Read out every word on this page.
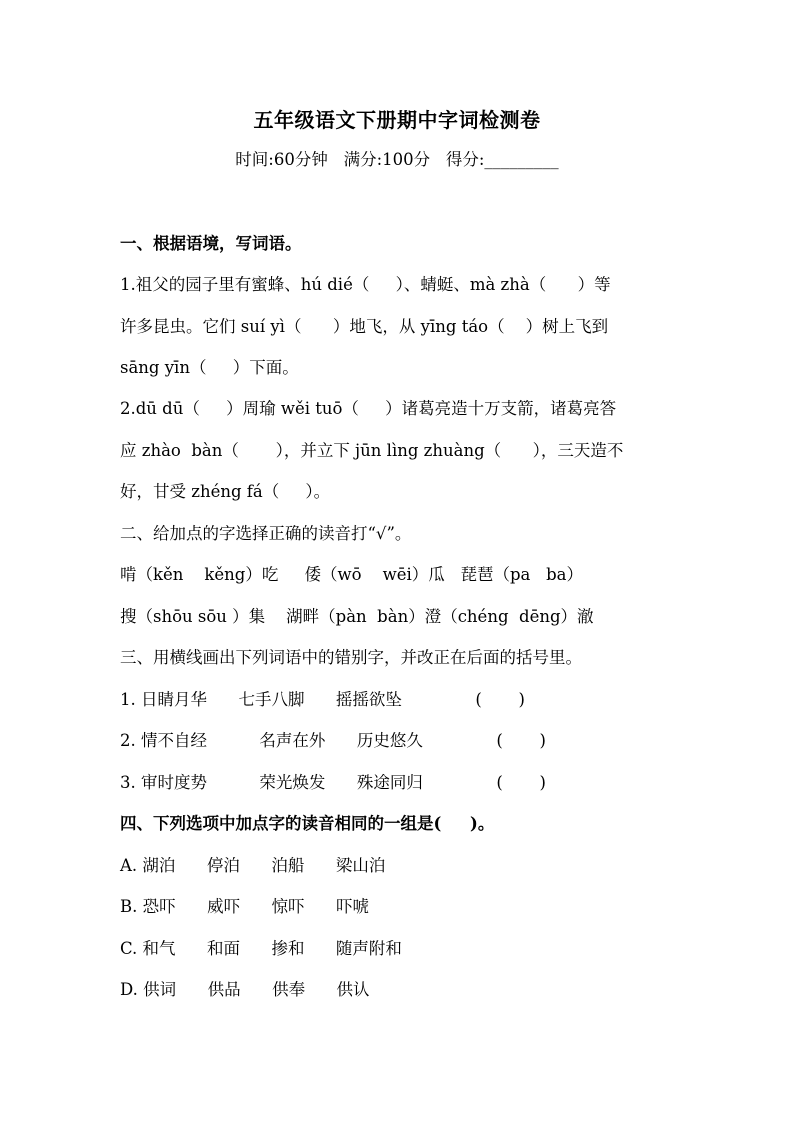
五年级语文下册期中字词检测卷
时间:60分钟   满分:100分   得分:_________
一、根据语境，写词语。
1.祖父的园子里有蜜蜂、hú dié（     ）、蜻蜓、mà zhà（      ）等
许多昆虫。它们 suí yì（      ）地飞，从 yīng táo（    ）树上飞到
sāng yīn（     ）下面。
2.dū dū（     ）周瑜 wěi tuō（     ）诸葛亮造十万支箭，诸葛亮答
应 zhào  bàn（       ），并立下 jūn lìng zhuàng（      ），三天造不
好，甘受 zhéng fá（     ）。
二、给加点的字选择正确的读音打“√”。
啃（kěn    kěng）吃     倭（wō    wēi）瓜   琵琶（pa   ba）
搜（shōu sōu ）集    湖畔（pàn  bàn）澄（chéng  dēng）澈
三、用横线画出下列词语中的错别字，并改正在后面的括号里。
1. 日睛月华      七手八脚      摇摇欲坠              (       )
2. 情不自经          名声在外      历史悠久              (       )
3. 审时度势          荣光焕发      殊途同归              (       )
四、下列选项中加点字的读音相同的一组是(     )。
A. 湖泊      停泊      泊船      梁山泊
B. 恐吓      威吓      惊吓      吓唬
C. 和气      和面      掺和      随声附和
D. 供词      供品      供奉      供认
